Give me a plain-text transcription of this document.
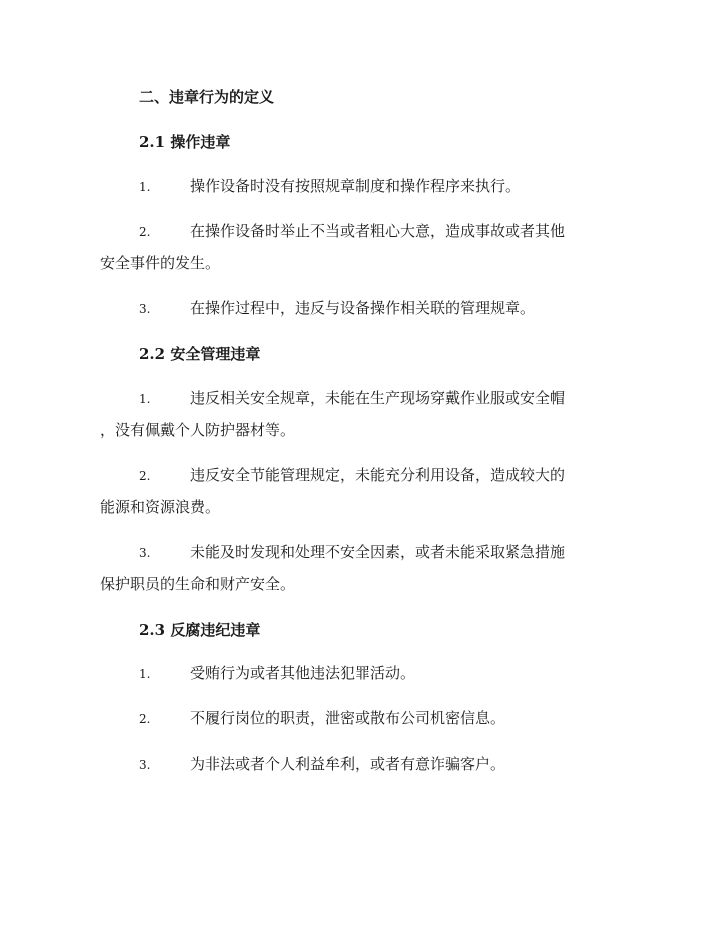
二、违章行为的定义
2.1 操作违章
1.	操作设备时没有按照规章制度和操作程序来执行。
2.	在操作设备时举止不当或者粗心大意，造成事故或者其他
安全事件的发生。
3.	在操作过程中，违反与设备操作相关联的管理规章。
2.2 安全管理违章
1.	违反相关安全规章，未能在生产现场穿戴作业服或安全帽
，没有佩戴个人防护器材等。
2.	违反安全节能管理规定，未能充分利用设备，造成较大的
能源和资源浪费。
3.	未能及时发现和处理不安全因素，或者未能采取紧急措施
保护职员的生命和财产安全。
2.3 反腐违纪违章
1.	受贿行为或者其他违法犯罪活动。
2.	不履行岗位的职责，泄密或散布公司机密信息。
3.	为非法或者个人利益牟利，或者有意诈骗客户。
